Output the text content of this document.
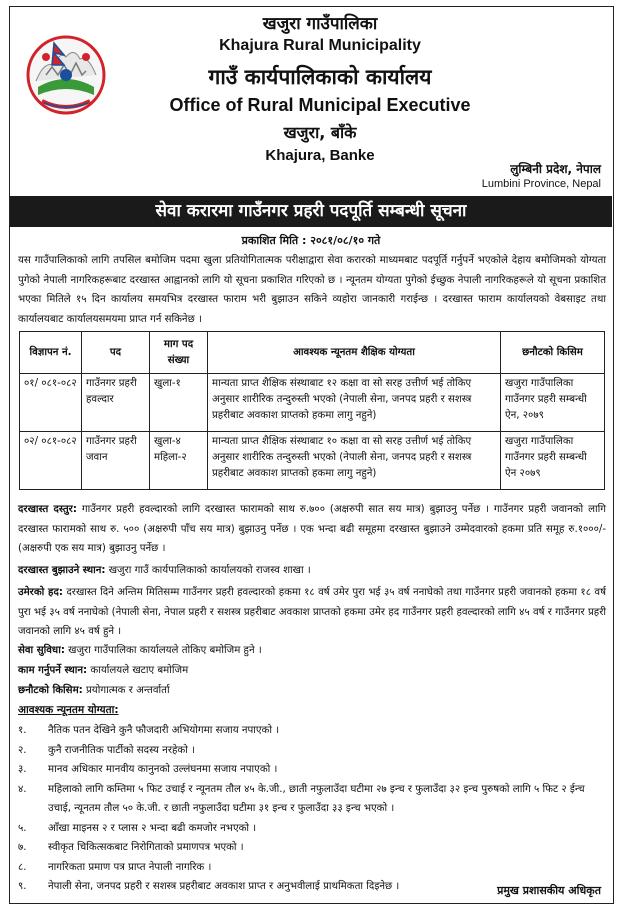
खजुरा गाउँपालिका
Khajura Rural Municipality
गाउँ कार्यपालिकाको कार्यालय
Office of Rural Municipal Executive
खजुरा, बाँके
Khajura, Banke
लुम्बिनी प्रदेश, नेपाल
Lumbini Province, Nepal
सेवा करारमा गाउँनगर प्रहरी पदपूर्ति सम्बन्धी सूचना
प्रकाशित मिति : २०८१/०८/१० गते
यस गाउँपालिकाको लागि तपसिल बमोजिम पदमा खुला प्रतियोगितात्मक परीक्षाद्वारा सेवा करारको माध्यमबाट पदपूर्ति गर्नुपर्ने भएकोले देहाय बमोजिमको योग्यता पुगेको नेपाली नागरिकहरूबाट दरखास्त आह्वानको लागि यो सूचना प्रकाशित गरिएको छ । न्यूनतम योग्यता पुगेको ईच्छुक नेपाली नागरिकहरूले यो सूचना प्रकाशित भएका मितिले १५ दिन कार्यालय समयभित्र दरखास्त फाराम भरी बुझाउन सकिने व्यहोरा जानकारी गराईन्छ । दरखास्त फाराम कार्यालयको वेबसाइट तथा कार्यालयबाट कार्यालयसमयमा प्राप्त गर्न सकिनेछ ।
विज्ञापन नं.	पद	माग पद संख्या	आवश्यक न्यूनतम शैक्षिक योग्यता	छनौटको किसिम
०१/ ०८१-०८२	गाउँनगर प्रहरी हवल्दार	खुला-१	मान्यता प्राप्त शैक्षिक संस्थाबाट १२ कक्षा वा सो सरह उत्तीर्ण भई तोकिए अनुसार शारीरिक तन्दुरुस्ती भएको (नेपाली सेना, जनपद प्रहरी र सशस्त्र प्रहरीबाट अवकाश प्राप्तको हकमा लागु नहुने)	खजुरा गाउँपालिका गाउँनगर प्रहरी सम्बन्धी ऐन, २०७९
०२/ ०८१-०८२	गाउँनगर प्रहरी जवान	खुला-४ महिला-२	मान्यता प्राप्त शैक्षिक संस्थाबाट १० कक्षा वा सो सरह उत्तीर्ण भई तोकिए अनुसार शारीरिक तन्दुरुस्ती भएको (नेपाली सेना, जनपद प्रहरी र सशस्त्र प्रहरीबाट अवकाश प्राप्तको हकमा लागु नहुने)	खजुरा गाउँपालिका गाउँनगर प्रहरी सम्बन्धी ऐन २०७९
दरखास्त दस्तुर: गाउँनगर प्रहरी हवल्दारको लागि दरखास्त फारामको साथ रु.७०० (अक्षरुपी सात सय मात्र) बुझाउनु पर्नेछ । गाउँनगर प्रहरी जवानको लागि दरखास्त फारामको साथ रु. ५०० (अक्षरुपी पाँच सय मात्र) बुझाउनु पर्नेछ । एक भन्दा बढी समूहमा दरखास्त बुझाउने उम्मेदवारको हकमा प्रति समूह रु.१०००/- (अक्षरुपी एक सय मात्र) बुझाउनु पर्नेछ ।
दरखास्त बुझाउने स्थान: खजुरा गाउँ कार्यपालिकाको कार्यालयको राजस्व शाखा ।
उमेरको हद: दरखास्त दिने अन्तिम मितिसम्म गाउँनगर प्रहरी हवल्दारको हकमा १८ वर्ष उमेर पुरा भई ३५ वर्ष ननाघेको तथा गाउँनगर प्रहरी जवानको हकमा १८ वर्ष पुरा भई ३५ वर्ष ननाघेको (नेपाली सेना, नेपाल प्रहरी र सशस्त्र प्रहरीबाट अवकाश प्राप्तको हकमा उमेर हद गाउँनगर प्रहरी हवल्दारको लागि ४५ वर्ष र गाउँनगर प्रहरी जवानको लागि ४५ वर्ष हुने ।
सेवा सुविधा: खजुरा गाउँपालिका कार्यालयले तोकिए बमोजिम हुने ।
काम गर्नुपर्ने स्थान: कार्यालयले खटाए बमोजिम
छनौटको किसिम: प्रयोगात्मक र अन्तर्वार्ता
आवश्यक न्यूनतम योग्यता:
१.	नैतिक पतन देखिने कुनै फौजदारी अभियोगमा सजाय नपाएको ।
२.	कुनै राजनीतिक पार्टीको सदस्य नरहेको ।
३.	मानव अधिकार मानवीय कानुनको उल्लंघनमा सजाय नपाएको ।
४.	महिलाको लागि कम्तिमा ५ फिट उचाई र न्यूनतम तौल ४५ के.जी., छाती नफुलाउँदा घटीमा २७ इन्च र फुलाउँदा ३२ इन्च पुरुषको लागि ५ फिट २ ईन्च उचाई, न्यूनतम तौल ५० के.जी. र छाती नफुलाउँदा घटीमा ३१ इन्च र फुलाउँदा ३३ इन्च भएको ।
५.	आँखा माइनस २ र प्लास २ भन्दा बढी कमजोर नभएको ।
७.	स्वीकृत चिकित्सकबाट निरोगिताको प्रमाणपत्र भएको ।
८.	नागरिकता प्रमाण पत्र प्राप्त नेपाली नागरिक ।
९.	नेपाली सेना, जनपद प्रहरी र सशस्त्र प्रहरीबाट अवकाश प्राप्त र अनुभवीलाई प्राथमिकता दिइनेछ ।	प्रमुख प्रशासकीय अधिकृत
